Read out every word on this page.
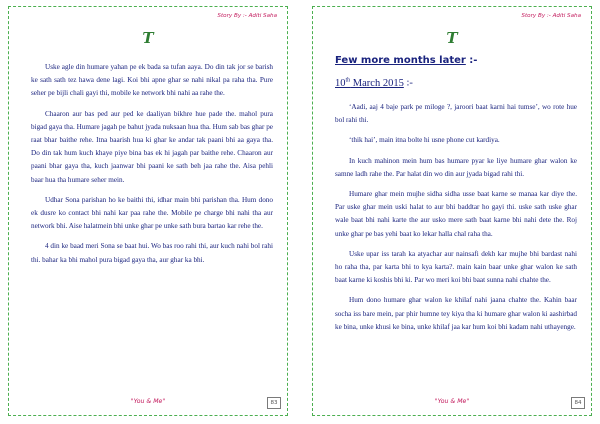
Story By :- Aditi Saha
T

Uske agle din humare yahan pe ek bada sa tufan aaya. Do din tak jor se barish ke sath sath tez hawa dene lagi. Koi bhi apne ghar se nahi nikal pa raha tha. Pure seher pe bijli chali gayi thi, mobile ke network bhi nahi aa rahe the.

Chaaron aur bas ped aur ped ke daaliyan bikhre hue pade the. mahol pura bigad gaya tha. Humare jagah pe bahut jyada nuksaan hua tha. Hum sab bas ghar pe raat bhar baithe rehe. Itna baarish hua ki ghar ke andar tak paani bhi aa gaya tha. Do din tak hum kuch khaye piye bina bas ek hi jagah par baithe rehe. Chaaron aur paani bhar gaya tha, kuch jaanwar bhi paani ke sath beh jaa rahe the. Aisa pehli baar hua tha humare seher mein.

Udhar Sona parishan ho ke baithi thi, idhar main bhi parishan tha. Hum dono ek dusre ko contact bhi nahi kar paa rahe the. Mobile pe charge bhi nahi tha aur network bhi. Aise halatmein bhi unke ghar pe unke sath bura bartao kar rehe the.

4 din ke baad meri Sona se baat hui. Wo bas roo rahi thi, aur kuch nahi bol rahi thi. bahar ka bhi mahol pura bigad gaya tha, aur ghar ka bhi.

"You & Me"	83
Story By :- Aditi Saha
T
Few more months later :-
10th March 2015 :-

‘Aadi, aaj 4 baje park pe miloge ?, jaroori baat karni hai tumse’, wo rote hue bol rahi thi.

‘thik hai’, main itna bolte hi usne phone cut kardiya.

In kuch mahinon mein hum bas humare pyar ke liye humare ghar walon ke samne ladh rahe the. Par halat din wo din aur jyada bigad rahi thi.

Humare ghar mein mujhe sidha sidha usse baat karne se manaa kar diye the. Par uske ghar mein uski halat to aur bhi baddtar ho gayi thi. uske sath uske ghar wale baat bhi nahi karte the aur usko mere sath baat karne bhi nahi dete the. Roj unke ghar pe bas yehi baat ko lekar halla chal raha tha.

Uske upar iss tarah ka atyachar aur nainsafi dekh kar mujhe bhi bardast nahi ho raha tha, par karta bhi to kya karta?. main kain baar unke ghar walon ke sath baat karne ki koshis bhi ki. Par wo meri koi bhi baat sunna nahi chahte the.

Hum dono humare ghar walon ke khilaf nahi jaana chahte the. Kahin baar socha iss bare mein, par phir humne tey kiya tha ki humare ghar walon ki aashirbad ke bina, unke khusi ke bina, unke khilaf jaa kar hum koi bhi kadam nahi uthayenge.

"You & Me"	84
